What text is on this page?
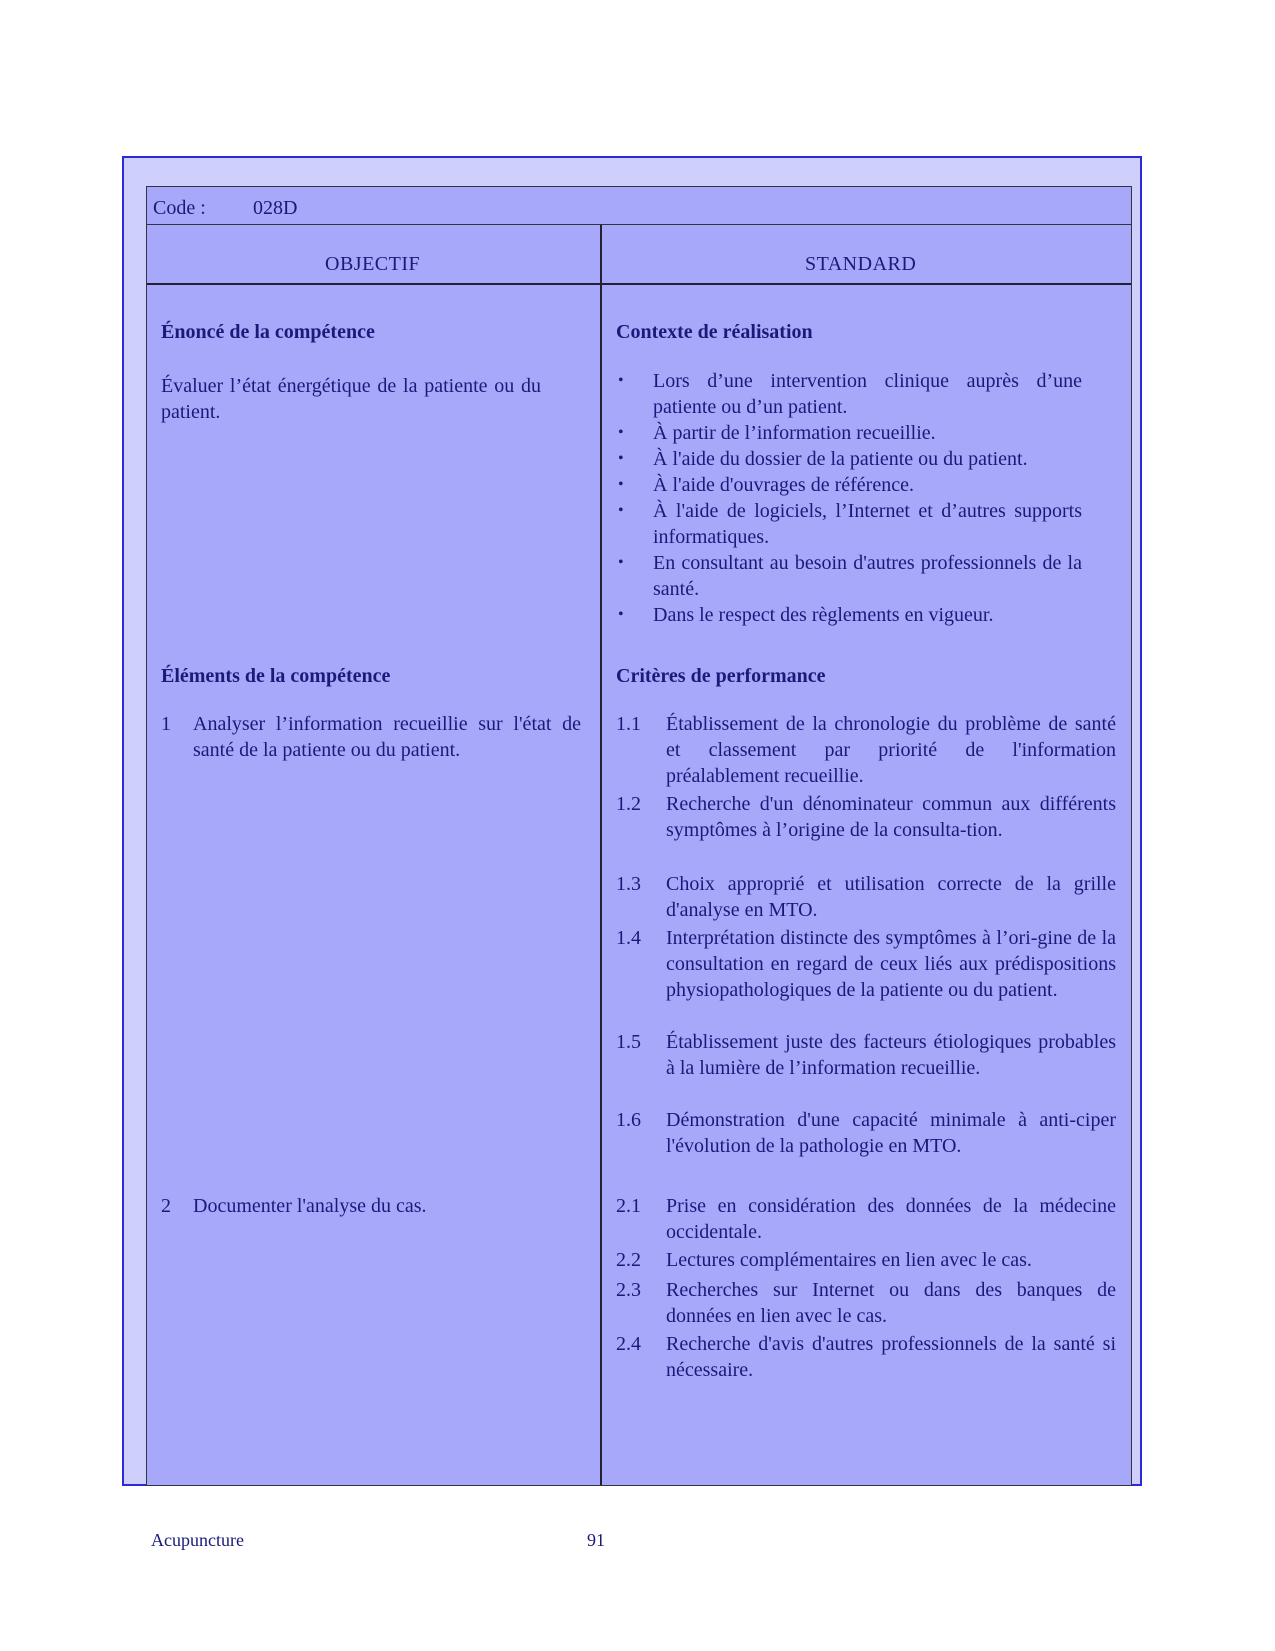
Code : 028D
OBJECTIF	STANDARD
Énoncé de la compétence
Évaluer l’état énergétique de la patiente ou du patient.
Éléments de la compétence
1 Analyser l’information recueillie sur l'état de santé de la patiente ou du patient.
2 Documenter l'analyse du cas.
Contexte de réalisation
• Lors d’une intervention clinique auprès d’une patiente ou d’un patient.
• À partir de l’information recueillie.
• À l'aide du dossier de la patiente ou du patient.
• À l'aide d'ouvrages de référence.
• À l'aide de logiciels, l’Internet et d’autres supports informatiques.
• En consultant au besoin d'autres professionnels de la santé.
• Dans le respect des règlements en vigueur.
Critères de performance
1.1 Établissement de la chronologie du problème de santé et classement par priorité de l'information préalablement recueillie.
1.2 Recherche d'un dénominateur commun aux différents symptômes à l’origine de la consulta-tion.
1.3 Choix approprié et utilisation correcte de la grille d'analyse en MTO.
1.4 Interprétation distincte des symptômes à l’ori-gine de la consultation en regard de ceux liés aux prédispositions physiopathologiques de la patiente ou du patient.
1.5 Établissement juste des facteurs étiologiques probables à la lumière de l’information recueillie.
1.6 Démonstration d'une capacité minimale à anti-ciper l'évolution de la pathologie en MTO.
2.1 Prise en considération des données de la médecine occidentale.
2.2 Lectures complémentaires en lien avec le cas.
2.3 Recherches sur Internet ou dans des banques de données en lien avec le cas.
2.4 Recherche d'avis d'autres professionnels de la santé si nécessaire.
Acupuncture	91
